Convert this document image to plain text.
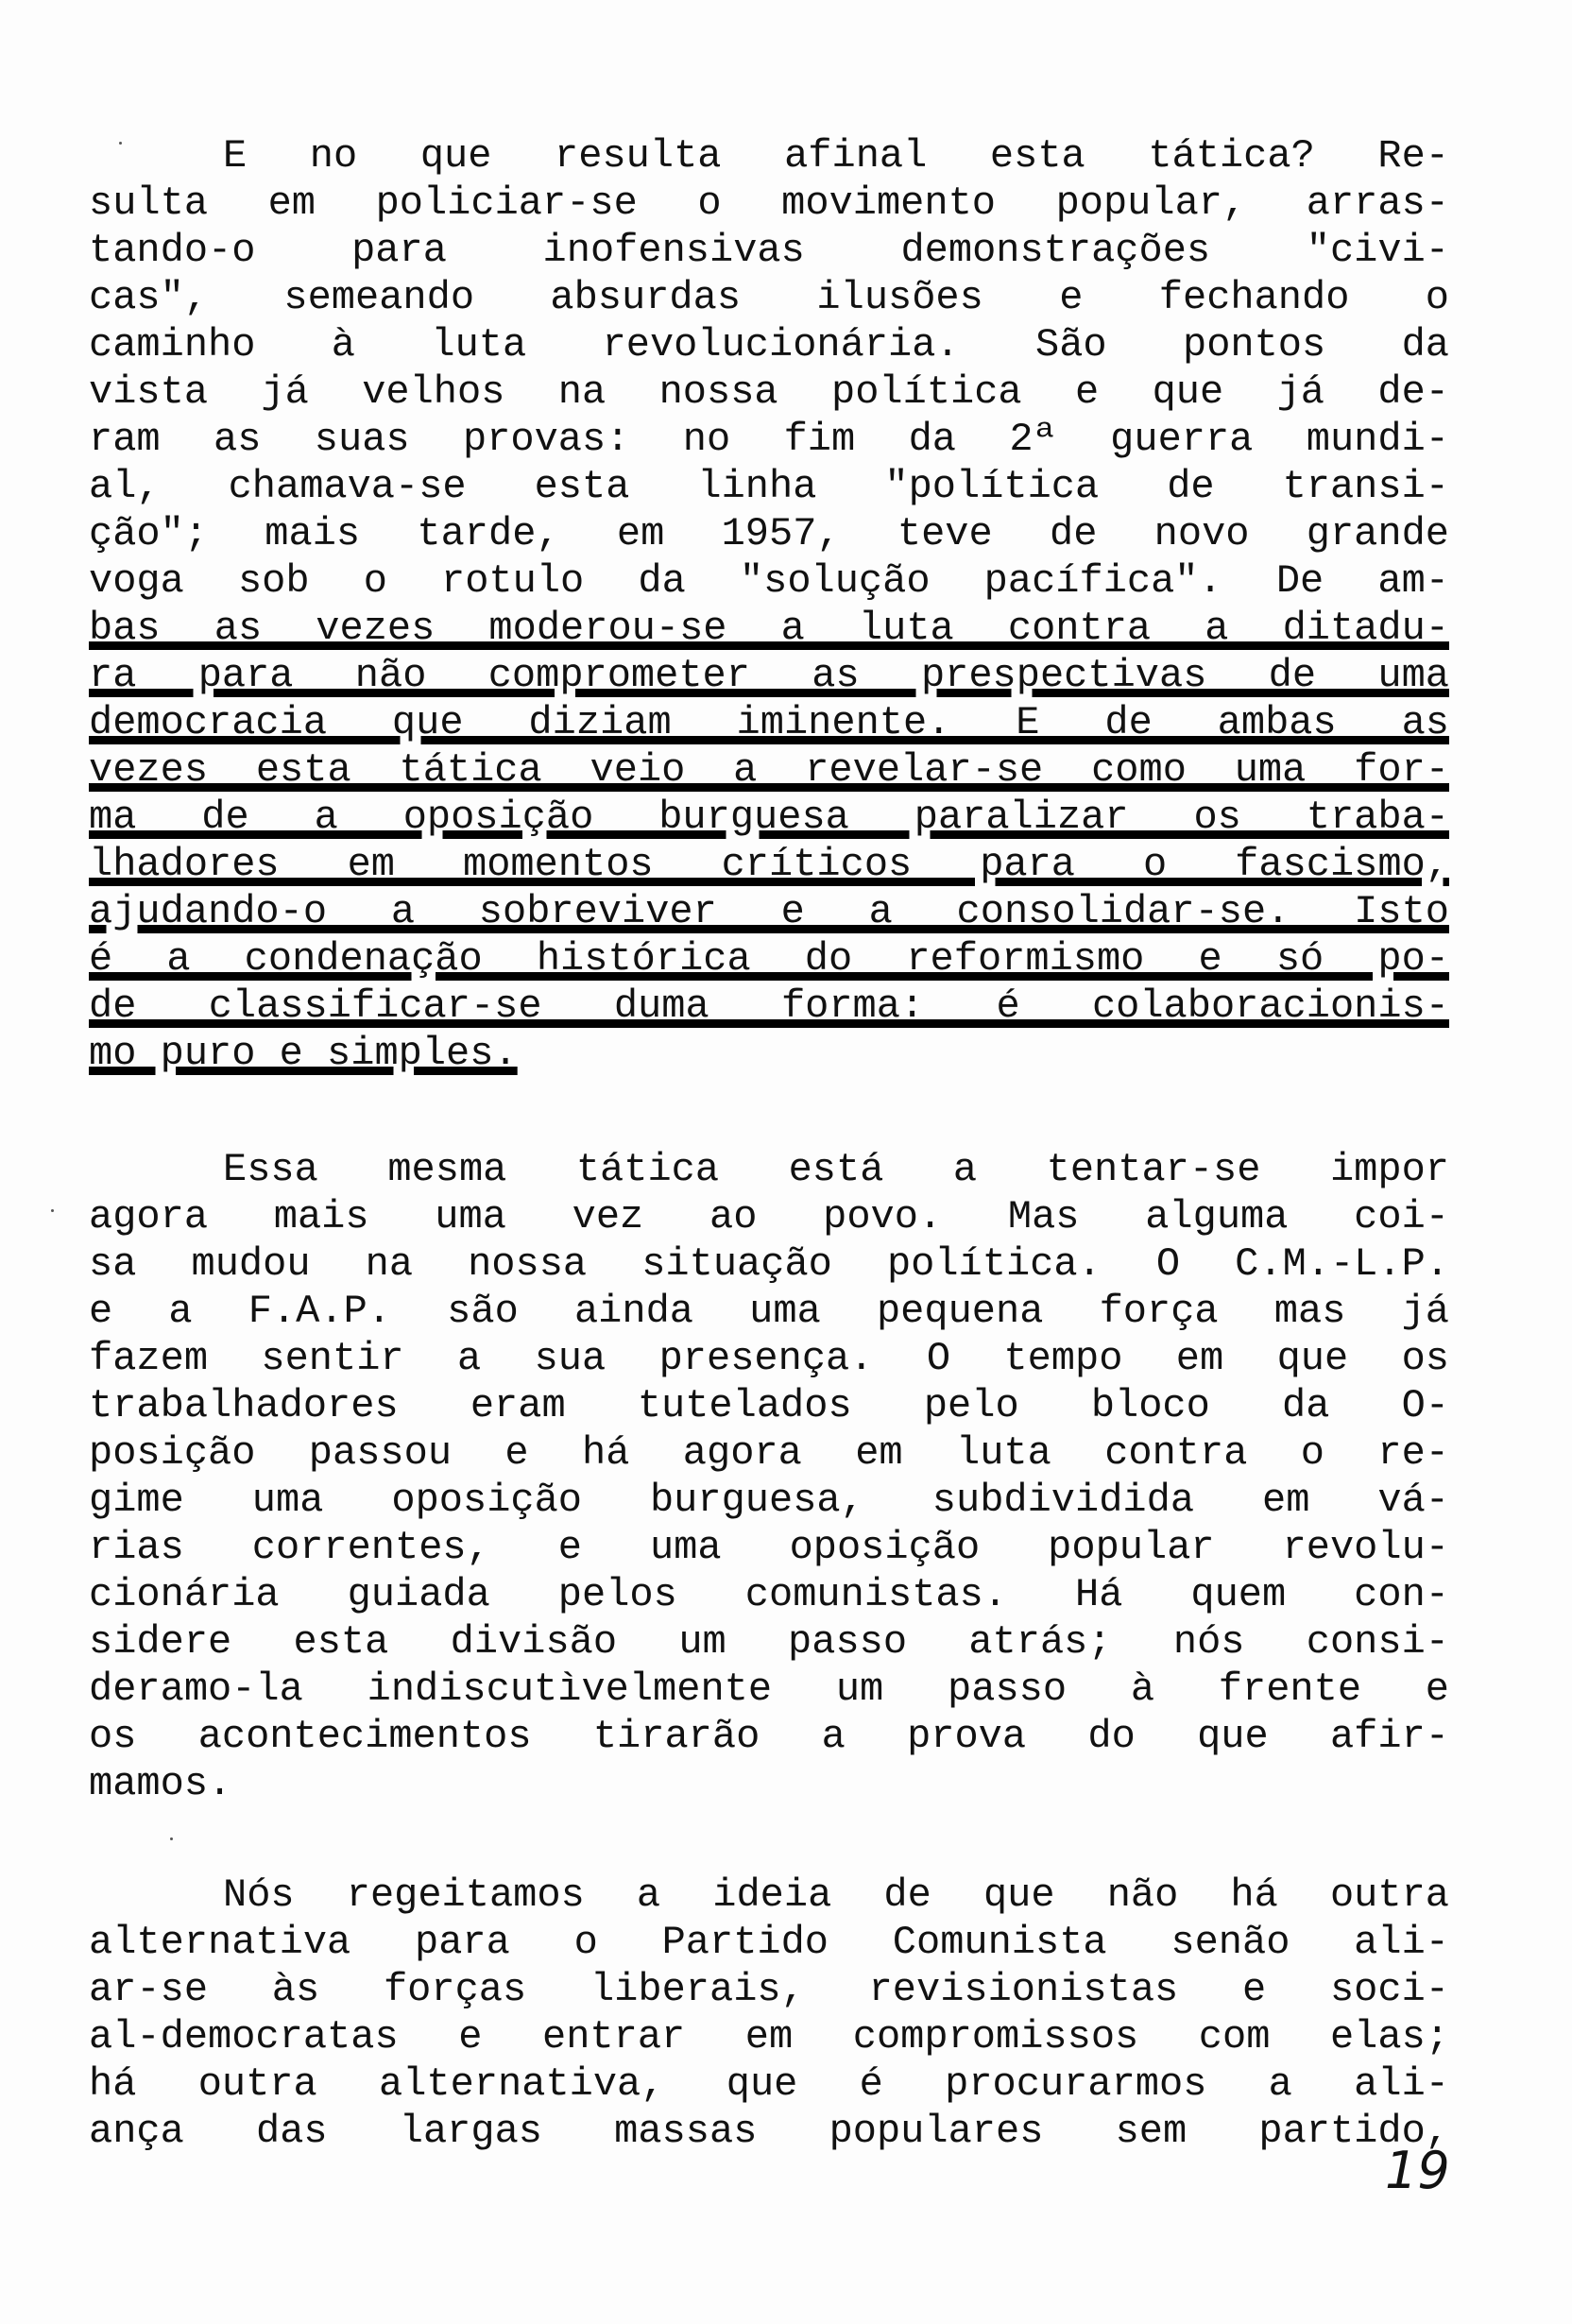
E no que resulta afinal esta tática? Re-
sulta em policiar-se o movimento popular, arras-
tando-o para inofensivas demonstrações "civi-
cas", semeando absurdas ilusões e fechando o
caminho à luta revolucionária. São pontos da
vista já velhos na nossa política e que já de-
ram as suas provas: no fim da 2ª guerra mundi-
al, chamava-se esta linha "política de transi-
ção"; mais tarde, em 1957, teve de novo grande
voga sob o rotulo da "solução pacífica". De am-
bas as vezes moderou-se a luta contra a ditadu-
ra para não comprometer as prespectivas de uma
democracia que diziam iminente. E de ambas as
vezes esta tática veio a revelar-se como uma for-
ma de a oposição burguesa paralizar os traba-
lhadores em momentos críticos para o fascismo,
ajudando-o a sobreviver e a consolidar-se. Isto
é a condenação histórica do reformismo e só po-
de classificar-se duma forma: é colaboracionis-
mo puro e simples.
Essa mesma tática está a tentar-se impor
agora mais uma vez ao povo. Mas alguma coi-
sa mudou na nossa situação política. O C.M.-L.P.
e a F.A.P. são ainda uma pequena força mas já
fazem sentir a sua presença. O tempo em que os
trabalhadores eram tutelados pelo bloco da O-
posição passou e há agora em luta contra o re-
gime uma oposição burguesa, subdividida em vá-
rias correntes, e uma oposição popular revolu-
cionária guiada pelos comunistas. Há quem con-
sidere esta divisão um passo atrás; nós consi-
deramo-la indiscutìvelmente um passo à frente e
os acontecimentos tirarão a prova do que afir-
mamos.
Nós regeitamos a ideia de que não há outra
alternativa para o Partido Comunista senão ali-
ar-se às forças liberais, revisionistas e soci-
al-democratas e entrar em compromissos com elas;
há outra alternativa, que é procurarmos a ali-
ança das largas massas populares sem partido,
19
